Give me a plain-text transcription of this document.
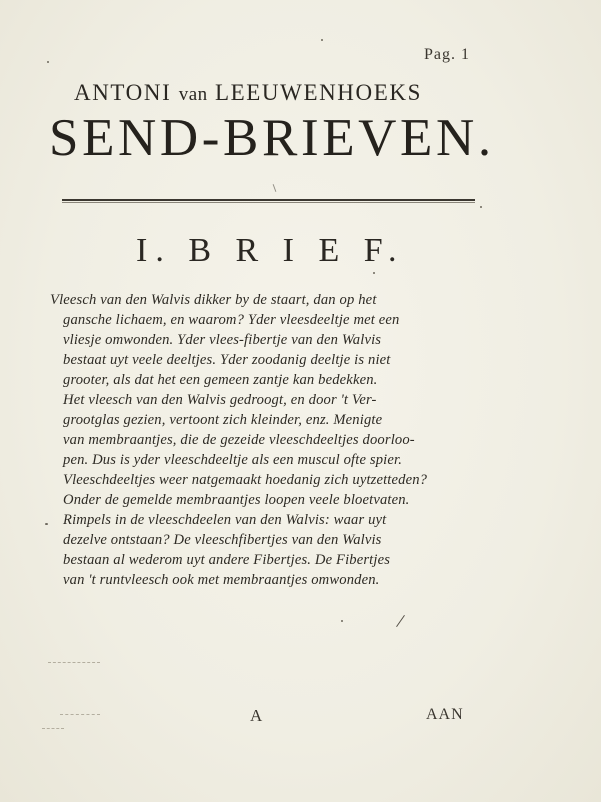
Pag. 1
ANTONI van LEEUWENHOEKS
SEND-BRIEVEN.
I. B R I E F.
Vleesch van den Walvis dikker by de staart, dan op het
gansche lichaem, en waarom? Yder vleesdeeltje met een
vliesje omwonden. Yder vlees-fibertje van den Walvis
bestaat uyt veele deeltjes. Yder zoodanig deeltje is niet
grooter, als dat het een gemeen zantje kan bedekken.
Het vleesch van den Walvis gedroogt, en door 't Ver-
grootglas gezien, vertoont zich kleinder, enz. Menigte
van membraantjes, die de gezeide vleeschdeeltjes doorloo-
pen. Dus is yder vleeschdeeltje als een muscul ofte spier.
Vleeschdeeltjes weer natgemaakt hoedanig zich uytzetteden?
Onder de gemelde membraantjes loopen veele bloetvaten.
Rimpels in de vleeschdeelen van den Walvis: waar uyt
dezelve ontstaan? De vleeschfibertjes van den Walvis
bestaan al wederom uyt andere Fibertjes. De Fibertjes
van 't runtvleesch ook met membraantjes omwonden.
A	AAN
